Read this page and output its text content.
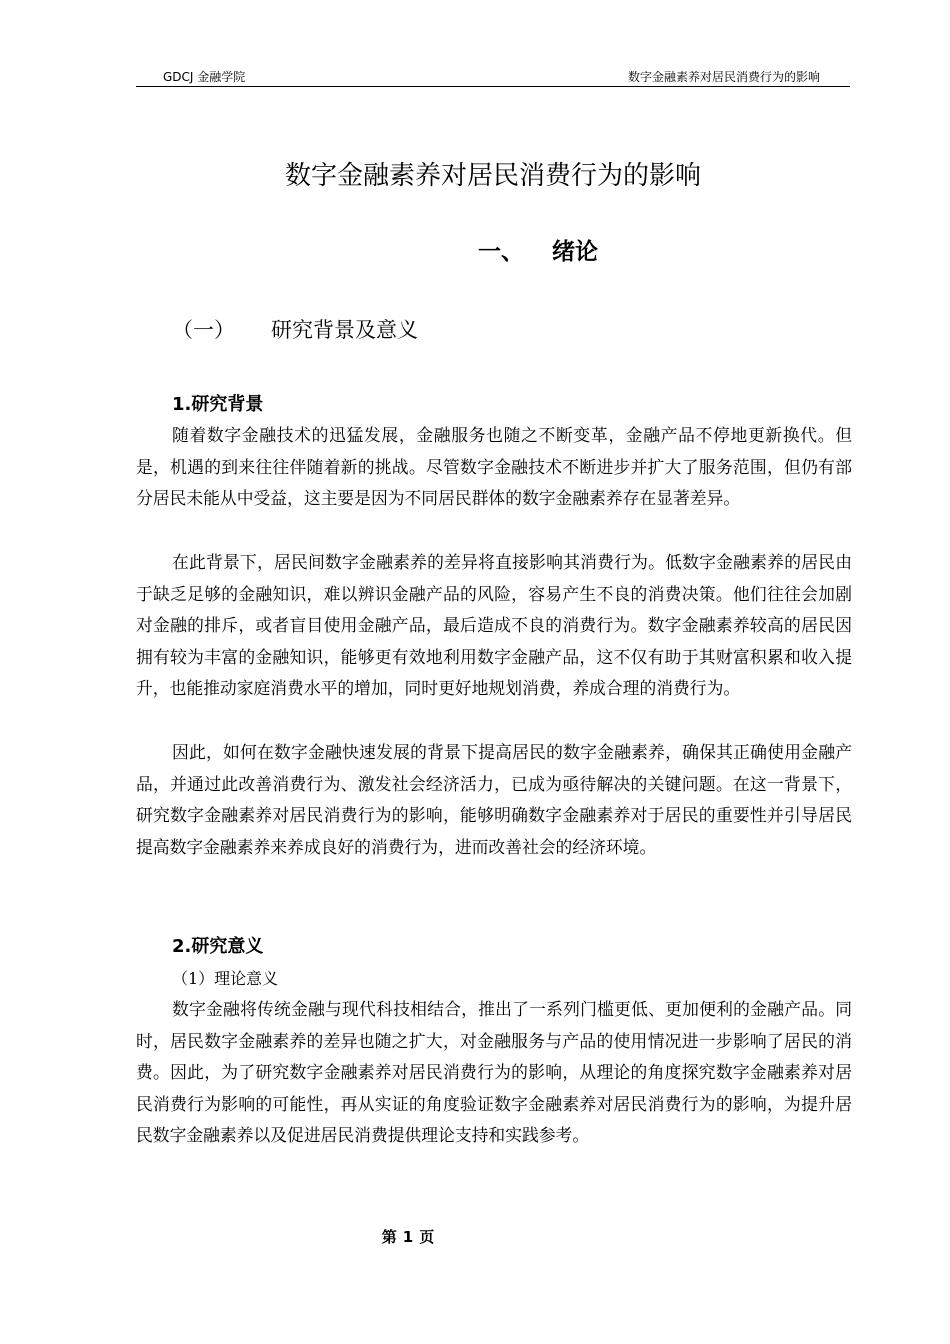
GDCJ 金融学院	数字金融素养对居民消费行为的影响
数字金融素养对居民消费行为的影响
一、 绪论
（一） 研究背景及意义
1.研究背景

随着数字金融技术的迅猛发展，金融服务也随之不断变革，金融产品不停地更新换代。但是，机遇的到来往往伴随着新的挑战。尽管数字金融技术不断进步并扩大了服务范围，但仍有部分居民未能从中受益，这主要是因为不同居民群体的数字金融素养存在显著差异。

在此背景下，居民间数字金融素养的差异将直接影响其消费行为。低数字金融素养的居民由于缺乏足够的金融知识，难以辨识金融产品的风险，容易产生不良的消费决策。他们往往会加剧对金融的排斥，或者盲目使用金融产品，最后造成不良的消费行为。数字金融素养较高的居民因拥有较为丰富的金融知识，能够更有效地利用数字金融产品，这不仅有助于其财富积累和收入提升，也能推动家庭消费水平的增加，同时更好地规划消费，养成合理的消费行为。

因此，如何在数字金融快速发展的背景下提高居民的数字金融素养，确保其正确使用金融产品，并通过此改善消费行为、激发社会经济活力，已成为亟待解决的关键问题。在这一背景下，研究数字金融素养对居民消费行为的影响，能够明确数字金融素养对于居民的重要性并引导居民提高数字金融素养来养成良好的消费行为，进而改善社会的经济环境。

2.研究意义

（1）理论意义

数字金融将传统金融与现代科技相结合，推出了一系列门槛更低、更加便利的金融产品。同时，居民数字金融素养的差异也随之扩大，对金融服务与产品的使用情况进一步影响了居民的消费。因此，为了研究数字金融素养对居民消费行为的影响，从理论的角度探究数字金融素养对居民消费行为影响的可能性，再从实证的角度验证数字金融素养对居民消费行为的影响，为提升居民数字金融素养以及促进居民消费提供理论支持和实践参考。

第 1 页
